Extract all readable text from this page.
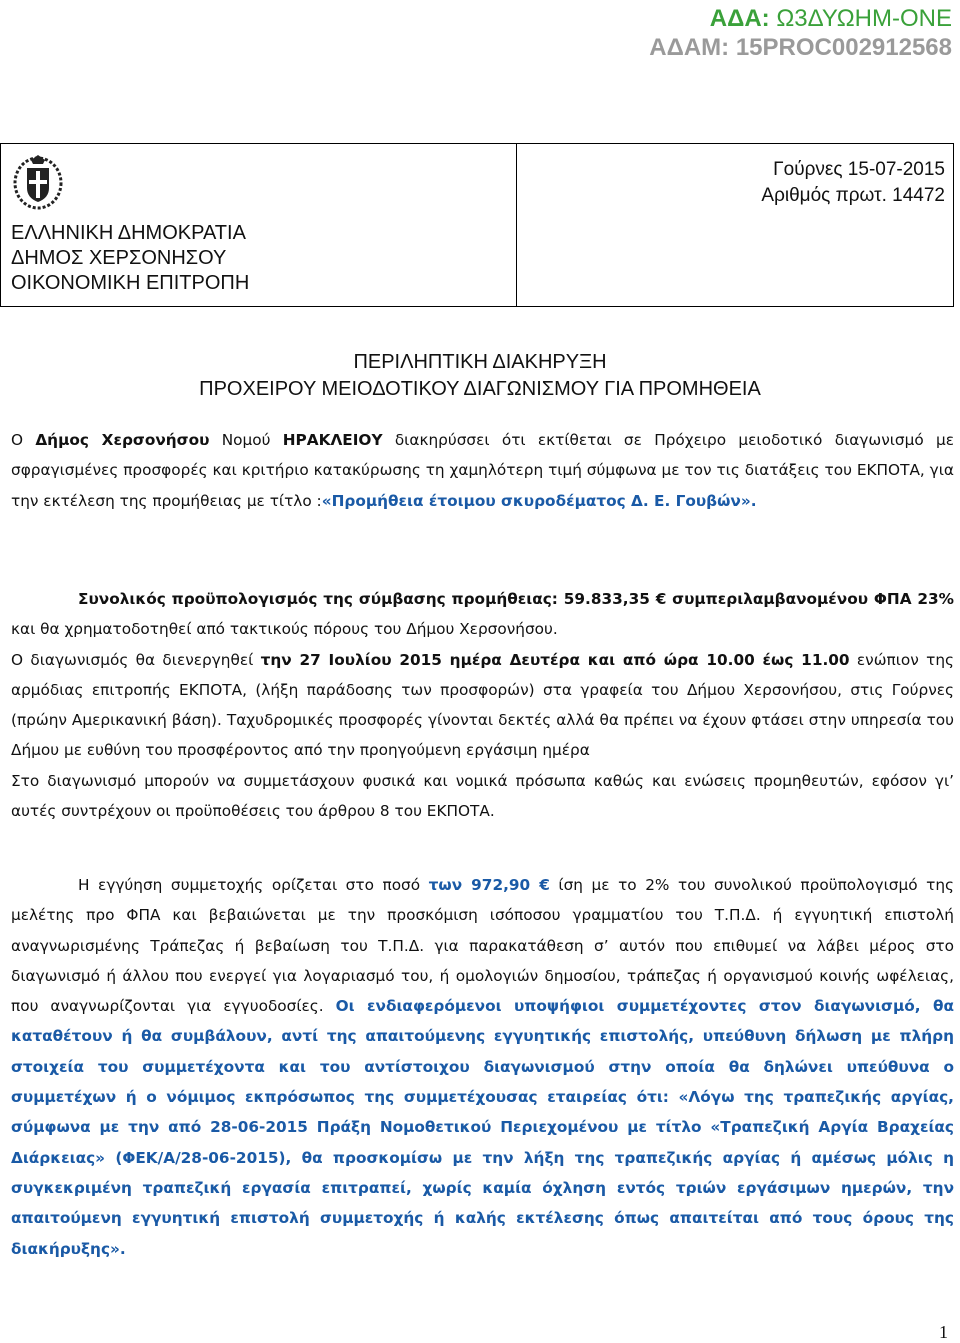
ΑΔΑ: Ω3ΔΥΩΗΜ-ΟΝΕ
ΑΔΑΜ: 15PROC002912568
ΕΛΛΗΝΙΚΗ ΔΗΜΟΚΡΑΤΙΑ
ΔΗΜΟΣ ΧΕΡΣΟΝΗΣΟΥ
ΟΙΚΟΝΟΜΙΚΗ ΕΠΙΤΡΟΠΗ
Γούρνες 15-07-2015
Αριθμός πρωτ. 14472
ΠΕΡΙΛΗΠΤΙΚΗ ΔΙΑΚΗΡΥΞΗ
ΠΡΟΧΕΙΡΟΥ ΜΕΙΟΔΟΤΙΚΟΥ ΔΙΑΓΩΝΙΣΜΟΥ ΓΙΑ ΠΡΟΜΗΘΕΙΑ

Ο Δήμος Χερσονήσου Νομού ΗΡΑΚΛΕΙΟΥ διακηρύσσει ότι εκτίθεται σε Πρόχειρο μειοδοτικό διαγωνισμό με σφραγισμένες προσφορές και κριτήριο κατακύρωσης τη χαμηλότερη τιμή σύμφωνα με τον τις διατάξεις του ΕΚΠΟΤΑ, για την εκτέλεση της προμήθειας με τίτλο :«Προμήθεια έτοιμου σκυροδέματος Δ. Ε. Γουβών».

Συνολικός προϋπολογισμός της σύμβασης προμήθειας: 59.833,35 € συμπεριλαμβανομένου ΦΠΑ 23% και θα χρηματοδοτηθεί από τακτικούς πόρους του Δήμου Χερσονήσου.

Ο διαγωνισμός θα διενεργηθεί την 27 Ιουλίου 2015 ημέρα Δευτέρα και από ώρα 10.00 έως 11.00 ενώπιον της αρμόδιας επιτροπής ΕΚΠΟΤΑ, (λήξη παράδοσης των προσφορών) στα γραφεία του Δήμου Χερσονήσου, στις Γούρνες (πρώην Αμερικανική βάση). Ταχυδρομικές προσφορές γίνονται δεκτές αλλά θα πρέπει να έχουν φτάσει στην υπηρεσία του Δήμου με ευθύνη του προσφέροντος από την προηγούμενη εργάσιμη ημέρα

Στο διαγωνισμό μπορούν να συμμετάσχουν φυσικά και νομικά πρόσωπα καθώς και ενώσεις προμηθευτών, εφόσον γι’ αυτές συντρέχουν οι προϋποθέσεις του άρθρου 8 του ΕΚΠΟΤΑ.

Η εγγύηση συμμετοχής ορίζεται στο ποσό των 972,90 € ίση με το 2% του συνολικού προϋπολογισμό της μελέτης προ ΦΠΑ και βεβαιώνεται με την προσκόμιση ισόποσου γραμματίου του Τ.Π.Δ. ή εγγυητική επιστολή αναγνωρισμένης Τράπεζας ή βεβαίωση του Τ.Π.Δ. για παρακατάθεση σ’ αυτόν που επιθυμεί να λάβει μέρος στο διαγωνισμό ή άλλου που ενεργεί για λογαριασμό του, ή ομολογιών δημοσίου, τράπεζας ή οργανισμού κοινής ωφέλειας, που αναγνωρίζονται για εγγυοδοσίες. Οι ενδιαφερόμενοι υποψήφιοι συμμετέχοντες στον διαγωνισμό, θα καταθέτουν ή θα συμβάλουν, αντί της απαιτούμενης εγγυητικής επιστολής, υπεύθυνη δήλωση με πλήρη στοιχεία του συμμετέχοντα και του αντίστοιχου διαγωνισμού στην οποία θα δηλώνει υπεύθυνα ο συμμετέχων ή ο νόμιμος εκπρόσωπος της συμμετέχουσας εταιρείας ότι: «Λόγω της τραπεζικής αργίας, σύμφωνα με την από 28-06-2015 Πράξη Νομοθετικού Περιεχομένου με τίτλο «Τραπεζική Αργία Βραχείας Διάρκειας» (ΦΕΚ/Α/28-06-2015), θα προσκομίσω με την λήξη της τραπεζικής αργίας ή αμέσως μόλις η συγκεκριμένη τραπεζική εργασία επιτραπεί, χωρίς καμία όχληση εντός τριών εργάσιμων ημερών, την απαιτούμενη εγγυητική επιστολή συμμετοχής ή καλής εκτέλεσης όπως απαιτείται από τους όρους της διακήρυξης».

1
